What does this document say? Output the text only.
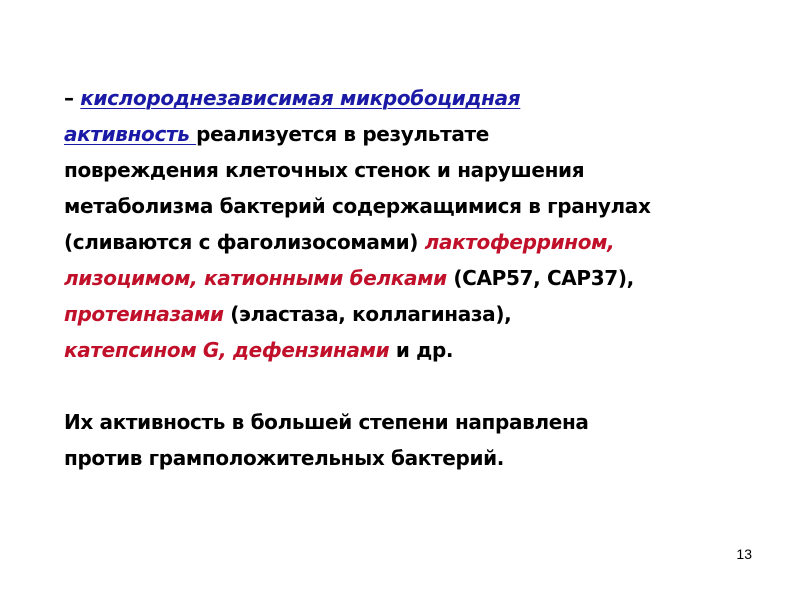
– кислороднезависимая микробоцидная
активность реализуется в результате
повреждения клеточных стенок и нарушения
метаболизма бактерий содержащимися в гранулах
(сливаются с фаголизосомами) лактоферрином,
лизоцимом, катионными белками (CAP57, CAP37),
протеиназами (эластаза, коллагиназа),
катепсином G, дефензинами и др.
Их активность в большей степени направлена
против грамположительных бактерий.
13
